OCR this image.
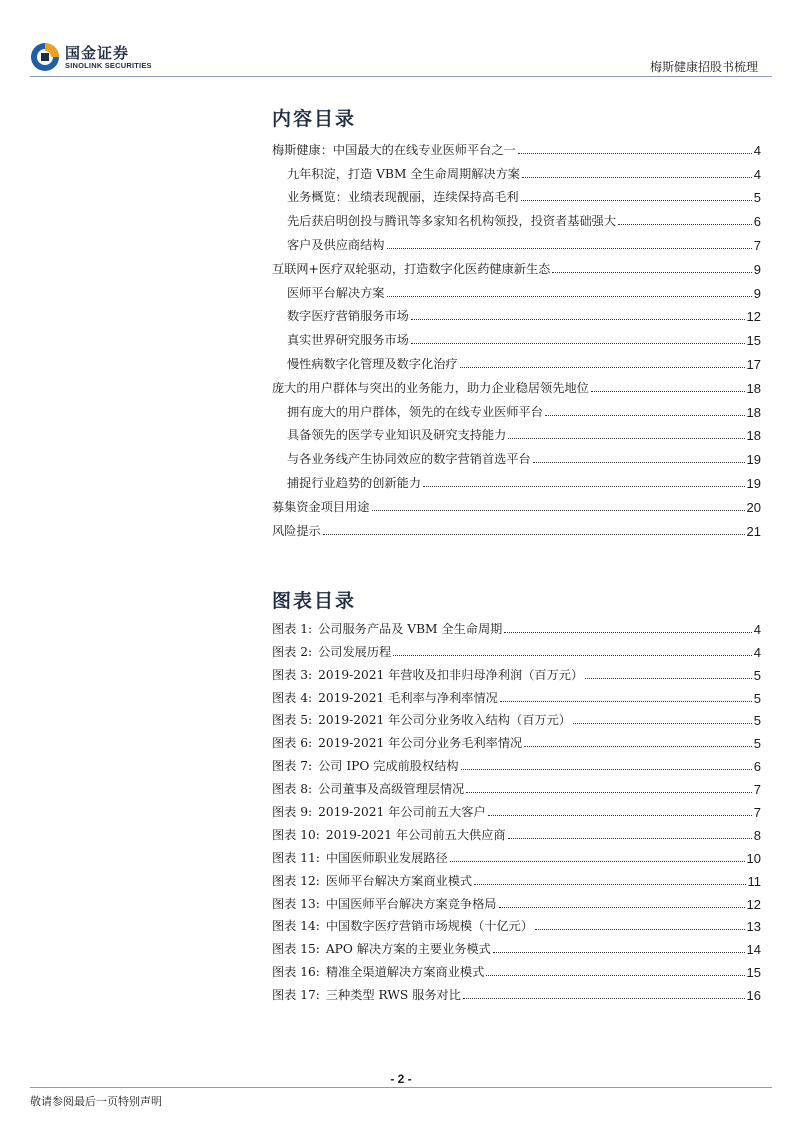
国金证券
SINOLINK SECURITIES	梅斯健康招股书梳理
内容目录
梅斯健康：中国最大的在线专业医师平台之一	4
九年积淀，打造 VBM 全生命周期解决方案	4
业务概览：业绩表现靓丽，连续保持高毛利	5
先后获启明创投与腾讯等多家知名机构领投，投资者基础强大	6
客户及供应商结构	7
互联网+医疗双轮驱动，打造数字化医药健康新生态	9
医师平台解决方案	9
数字医疗营销服务市场	12
真实世界研究服务市场	15
慢性病数字化管理及数字化治疗	17
庞大的用户群体与突出的业务能力，助力企业稳居领先地位	18
拥有庞大的用户群体，领先的在线专业医师平台	18
具备领先的医学专业知识及研究支持能力	18
与各业务线产生协同效应的数字营销首选平台	19
捕捉行业趋势的创新能力	19
募集资金项目用途	20
风险提示	21
图表目录
图表 1: 公司服务产品及 VBM 全生命周期	4
图表 2: 公司发展历程	4
图表 3: 2019-2021 年营收及扣非归母净利润（百万元）	5
图表 4: 2019-2021 毛利率与净利率情况	5
图表 5: 2019-2021 年公司分业务收入结构（百万元）	5
图表 6: 2019-2021 年公司分业务毛利率情况	5
图表 7: 公司 IPO 完成前股权结构	6
图表 8: 公司董事及高级管理层情况	7
图表 9: 2019-2021 年公司前五大客户	7
图表 10: 2019-2021 年公司前五大供应商	8
图表 11: 中国医师职业发展路径	10
图表 12: 医师平台解决方案商业模式	11
图表 13: 中国医师平台解决方案竞争格局	12
图表 14: 中国数字医疗营销市场规模（十亿元）	13
图表 15: APO 解决方案的主要业务模式	14
图表 16: 精准全渠道解决方案商业模式	15
图表 17: 三种类型 RWS 服务对比	16
- 2 -
敬请参阅最后一页特别声明
